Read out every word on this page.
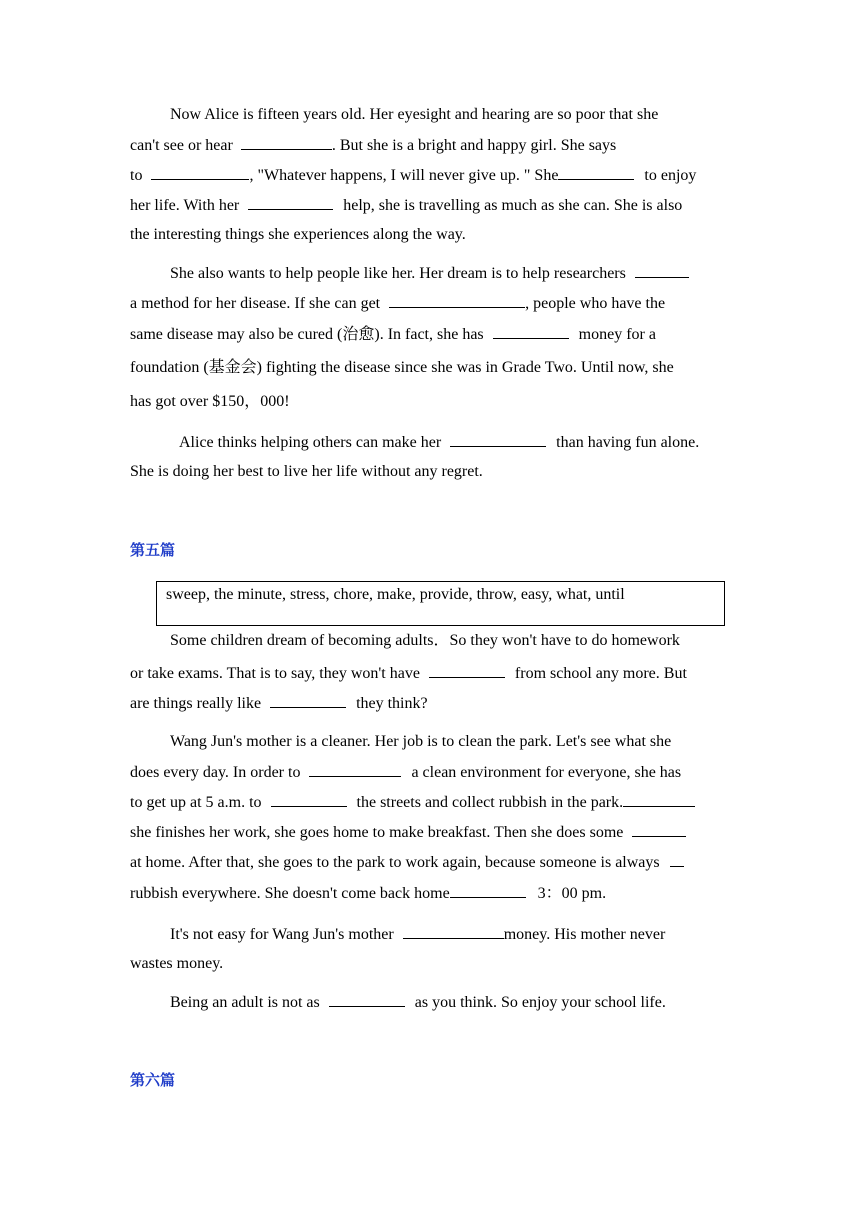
Now Alice is fifteen years old. Her eyesight and hearing are so poor that she
can't see or hear	. But she is a bright and happy girl. She says
to	, "Whatever happens, I will never give up. " She	to enjoy
her life. With her	help, she is travelling as much as she can. She is also
the interesting things she experiences along the way.
She also wants to help people like her. Her dream is to help researchers
a method for her disease. If she can get	, people who have the
same disease may also be cured (治愈). In fact, she has	money for a
foundation (基金会) fighting the disease since she was in Grade Two. Until now, she
has got over $150，000!
Alice thinks helping others can make her	than having fun alone.
She is doing her best to live her life without any regret.
第五篇
sweep, the minute, stress, chore, make, provide, throw, easy, what, until
Some children dream of becoming adults．So they won't have to do homework
or take exams. That is to say, they won't have	from school any more. But
are things really like	they think?
Wang Jun's mother is a cleaner. Her job is to clean the park. Let's see what she
does every day. In order to	a clean environment for everyone, she has
to get up at 5 a.m. to	the streets and collect rubbish in the park.
she finishes her work, she goes home to make breakfast. Then she does some
at home. After that, she goes to the park to work again, because someone is always
rubbish everywhere. She doesn't come back home	3：00 pm.
It's not easy for Wang Jun's mother	money. His mother never
wastes money.
Being an adult is not as	as you think. So enjoy your school life.
第六篇
